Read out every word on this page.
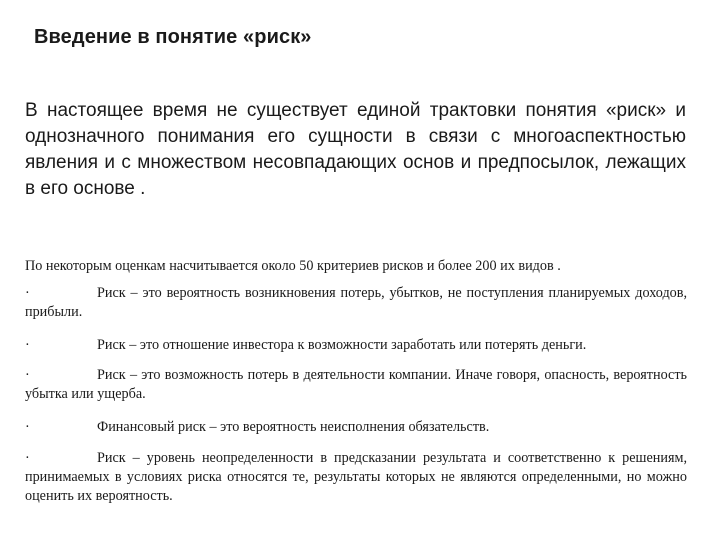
Введение в понятие «риск»

В настоящее время не существует единой трактовки понятия «риск» и однозначного понимания его сущности в связи с многоаспектностью явления и с множеством несовпадающих основ и предпосылок, лежащих в его основе .

По некоторым оценкам насчитывается около 50 критериев рисков и более 200 их видов .

·	Риск – это вероятность возникновения потерь, убытков, не поступления планируемых доходов, прибыли.
·	Риск – это отношение инвестора к возможности заработать или потерять деньги.
·	Риск – это возможность потерь в деятельности компании. Иначе говоря, опасность, вероятность убытка или ущерба.
·	Финансовый риск – это вероятность неисполнения обязательств.
·	Риск – уровень неопределенности в предсказании результата и соответственно к решениям, принимаемых в условиях риска относятся те, результаты которых не являются определенными, но можно оценить их вероятность.
